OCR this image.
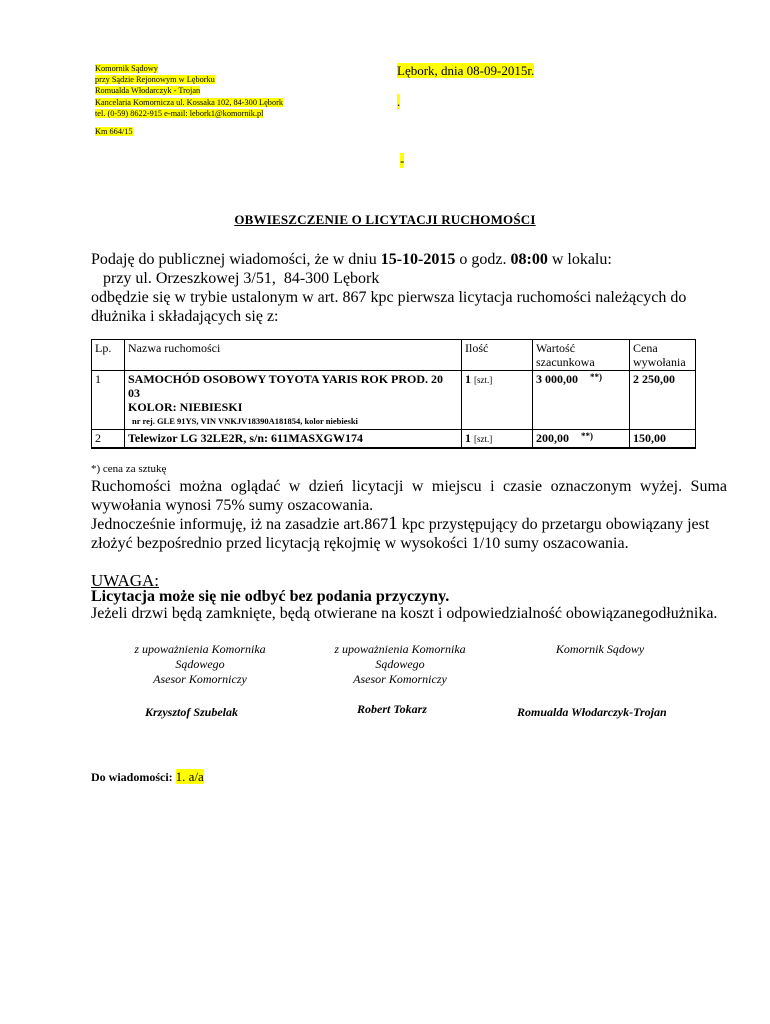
Komornik Sądowy
przy Sądzie Rejonowym w Lęborku
Romualda Włodarczyk - Trojan
Kancelaria Komornicza ul. Kossaka 102, 84-300 Lębork
tel. (0-59) 8622-915 e-mail: lebork1@komornik.pl
Km 664/15
Lębork, dnia 08-09-2015r.
.
-
OBWIESZCZENIE O LICYTACJI RUCHOMOŚCI
Podaję do publicznej wiadomości, że w dniu 15-10-2015 o godz. 08:00 w lokalu:
przy ul. Orzeszkowej 3/51,  84-300 Lębork
odbędzie się w trybie ustalonym w art. 867 kpc pierwsza licytacja ruchomości należących do
dłużnika i składających się z:
Lp.	Nazwa ruchomości	Ilość	Wartość szacunkowa	Cena wywołania
1	SAMOCHÓD OSOBOWY TOYOTA YARIS ROK PROD. 20 03
KOLOR: NIEBIESKI
nr rej. GLE 91YS, VIN VNKJV18390A181854, kolor niebieski	1 [szt.]	3 000,00 **)	2 250,00
2	Telewizor LG 32LE2R, s/n: 611MASXGW174	1 [szt.]	200,00 **)	150,00
*) cena za sztukę
Ruchomości można oglądać w dzień licytacji w miejscu i czasie oznaczonym wyżej. Suma wywołania wynosi 75% sumy oszacowania.
Jednocześnie informuję, iż na zasadzie art.8671 kpc przystępujący do przetargu obowiązany jest
złożyć bezpośrednio przed licytacją rękojmię w wysokości 1/10 sumy oszacowania.
UWAGA:
Licytacja może się nie odbyć bez podania przyczyny.
Jeżeli drzwi będą zamknięte, będą otwierane na koszt i odpowiedzialność obowiązanegodłużnika.
z upoważnienia Komornika
Sądowego
Asesor Komorniczy
z upoważnienia Komornika
Sądowego
Asesor Komorniczy
Komornik Sądowy
Krzysztof Szubelak	Robert Tokarz	Romualda Włodarczyk-Trojan
Do wiadomości: 1. a/a
